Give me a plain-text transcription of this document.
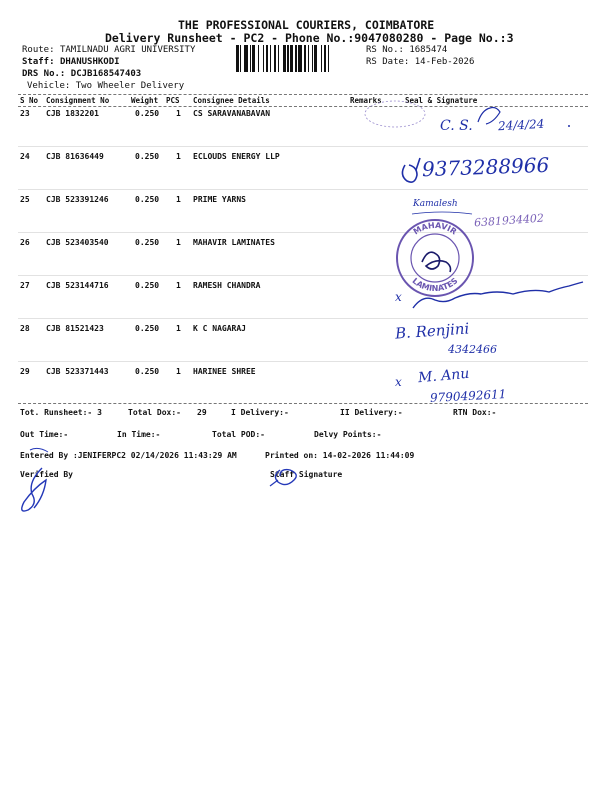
THE PROFESSIONAL COURIERS, COIMBATORE
Delivery Runsheet - PC2 - Phone No.:9047080280 - Page No.:3
Route: TAMILNADU AGRI UNIVERSITY
Staff: DHANUSHKODI
DRS No.: DCJB168547403
Vehicle: Two Wheeler Delivery
RS No.: 1685474
RS Date: 14-Feb-2026
S No Consignment No	Weight PCS Consignee Details	Remarks	Seal & Signature
23 CJB 1832201	0.250 1 CS SARAVANABAVAN
24 CJB 81636449	0.250 1 ECLOUDS ENERGY LLP
25 CJB 523391246	0.250 1 PRIME YARNS
26 CJB 523403540	0.250 1 MAHAVIR LAMINATES
27 CJB 523144716	0.250 1 RAMESH CHANDRA
28 CJB 81521423	0.250 1 K C NAGARAJ
29 CJB 523371443	0.250 1 HARINEE SHREE
Tot. Runsheet:- 3	Total Dox:- 29	I Delivery:-	II Delivery:-	RTN Dox:-
Out Time:-	In Time:-	Total POD:-	Delvy Points:-
Entered By :JENIFERPC2 02/14/2026 11:43:29 AM	Printed on: 14-02-2026 11:44:09
Verified By	Staff Signature
MAHAVIR
LAMINATES
C. S. 24/4/24
9373288966
Kamalesh
6381934402
x
B. Renjini
4342466
x M. Anu
9790492611
